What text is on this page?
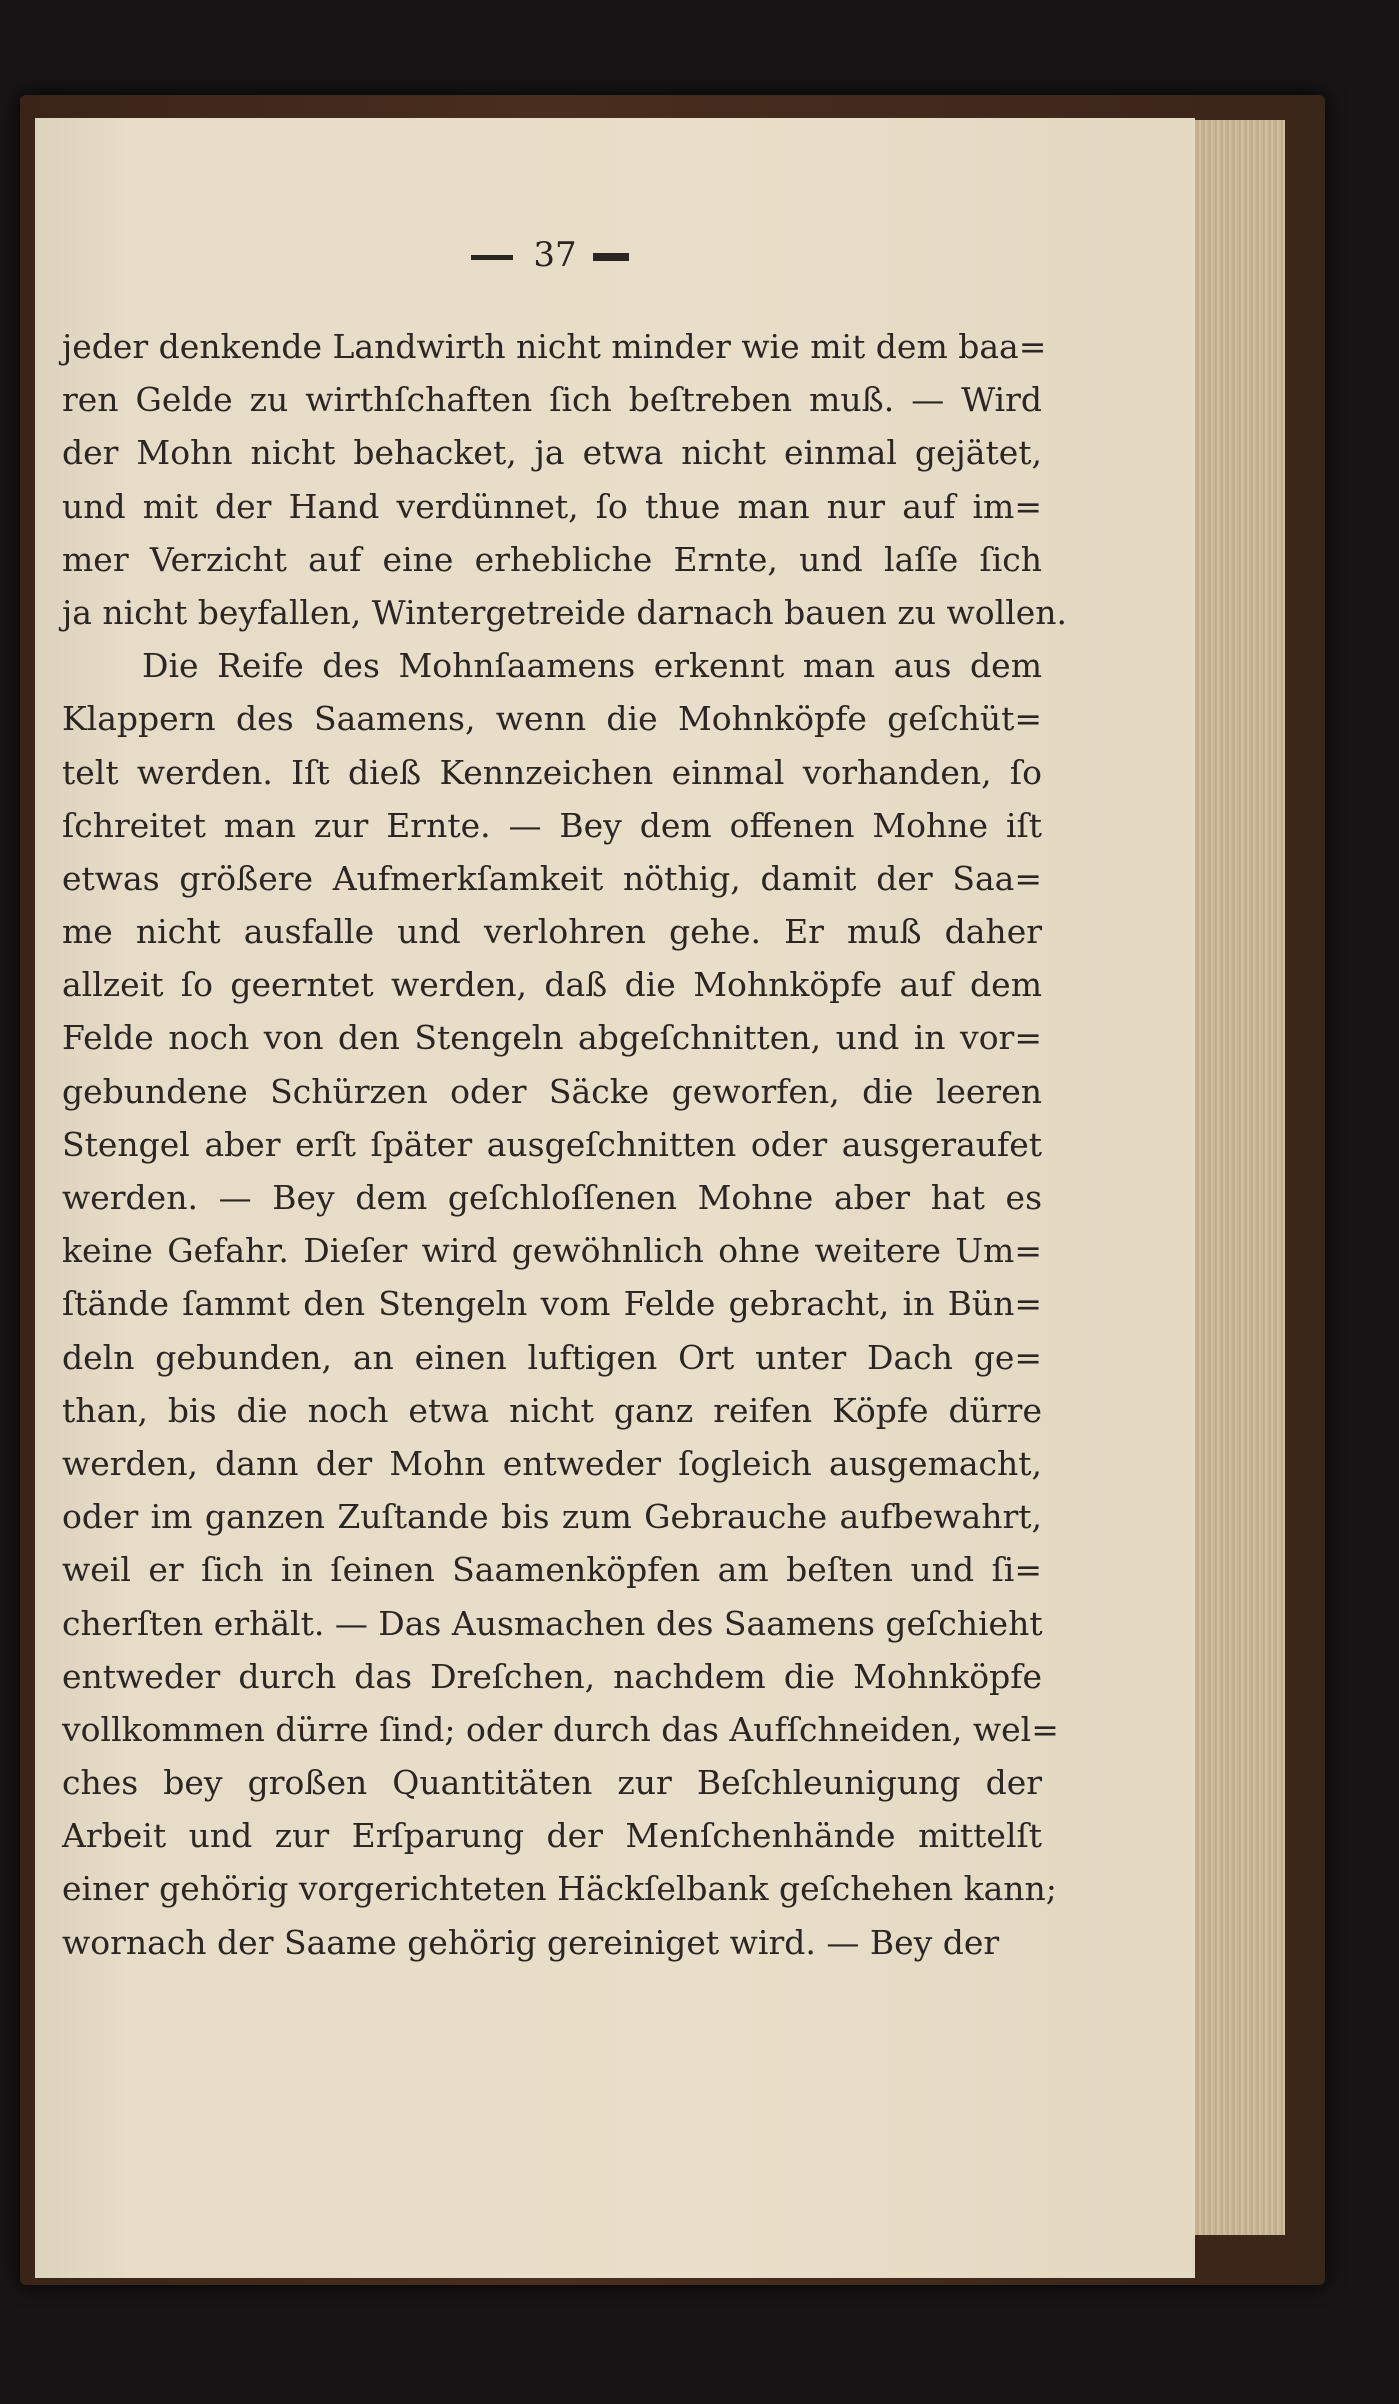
37
jeder denkende Landwirth nicht minder wie mit dem baa=
ren Gelde zu wirthſchaften ſich beſtreben muß. — Wird
der Mohn nicht behacket, ja etwa nicht einmal gejätet,
und mit der Hand verdünnet, ſo thue man nur auf im=
mer Verzicht auf eine erhebliche Ernte, und laſſe ſich
ja nicht beyfallen, Wintergetreide darnach bauen zu wollen.
Die Reife des Mohnſaamens erkennt man aus dem
Klappern des Saamens, wenn die Mohnköpfe geſchüt=
telt werden. Iſt dieß Kennzeichen einmal vorhanden, ſo
ſchreitet man zur Ernte. — Bey dem offenen Mohne iſt
etwas größere Aufmerkſamkeit nöthig, damit der Saa=
me nicht ausfalle und verlohren gehe. Er muß daher
allzeit ſo geerntet werden, daß die Mohnköpfe auf dem
Felde noch von den Stengeln abgeſchnitten, und in vor=
gebundene Schürzen oder Säcke geworfen, die leeren
Stengel aber erſt ſpäter ausgeſchnitten oder ausgeraufet
werden. — Bey dem geſchloſſenen Mohne aber hat es
keine Gefahr. Dieſer wird gewöhnlich ohne weitere Um=
ſtände ſammt den Stengeln vom Felde gebracht, in Bün=
deln gebunden, an einen luftigen Ort unter Dach ge=
than, bis die noch etwa nicht ganz reifen Köpfe dürre
werden, dann der Mohn entweder ſogleich ausgemacht,
oder im ganzen Zuſtande bis zum Gebrauche aufbewahrt,
weil er ſich in ſeinen Saamenköpfen am beſten und ſi=
cherſten erhält. — Das Ausmachen des Saamens geſchieht
entweder durch das Dreſchen, nachdem die Mohnköpfe
vollkommen dürre ſind; oder durch das Aufſchneiden, wel=
ches bey großen Quantitäten zur Beſchleunigung der
Arbeit und zur Erſparung der Menſchenhände mittelſt
einer gehörig vorgerichteten Häckſelbank geſchehen kann;
wornach der Saame gehörig gereiniget wird. — Bey der
